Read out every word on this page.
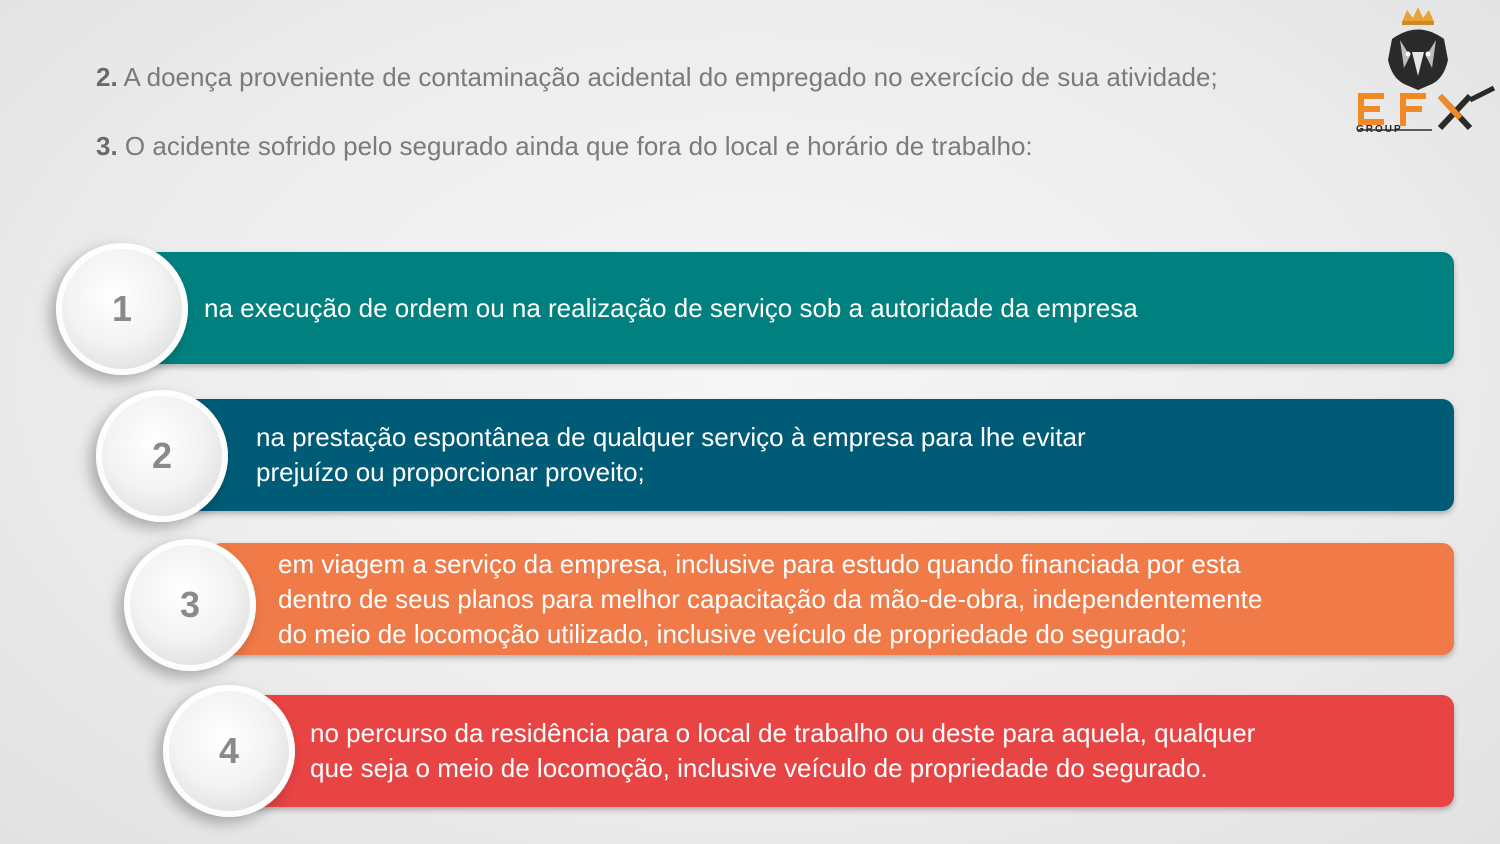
2. A doença proveniente de contaminação acidental do empregado no exercício de sua atividade;
3. O acidente sofrido pelo segurado ainda que fora do local e horário de trabalho:
GROUP
na execução de ordem ou na realização de serviço sob a autoridade da empresa
1
na prestação espontânea de qualquer serviço à empresa para lhe evitar
prejuízo ou proporcionar proveito;
2
em viagem a serviço da empresa, inclusive para estudo quando financiada por esta
dentro de seus planos para melhor capacitação da mão-de-obra, independentemente
do meio de locomoção utilizado, inclusive veículo de propriedade do segurado;
3
no percurso da residência para o local de trabalho ou deste para aquela, qualquer
que seja o meio de locomoção, inclusive veículo de propriedade do segurado.
4
